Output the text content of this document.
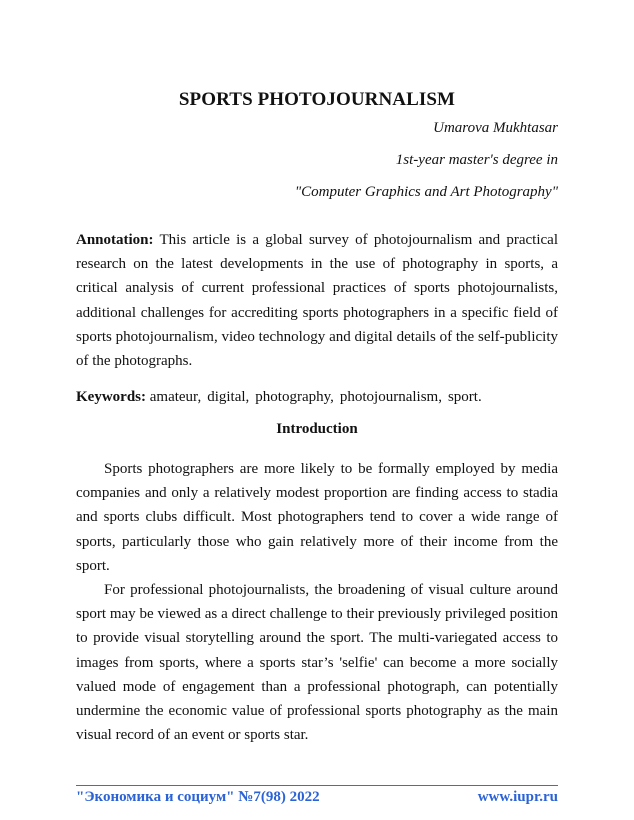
SPORTS PHOTOJOURNALISM
Umarova Mukhtasar
1st-year master's degree in
"Computer Graphics and Art Photography"

Annotation: This article is a global survey of photojournalism and practical research on the latest developments in the use of photography in sports, a critical analysis of current professional practices of sports photojournalists, additional challenges for accrediting sports photographers in a specific field of sports photojournalism, video technology and digital details of the self-publicity of the photographs.

Keywords: amateur, digital, photography, photojournalism, sport.

Introduction

Sports photographers are more likely to be formally employed by media companies and only a relatively modest proportion are finding access to stadia and sports clubs difficult. Most photographers tend to cover a wide range of sports, particularly those who gain relatively more of their income from the sport.

For professional photojournalists, the broadening of visual culture around sport may be viewed as a direct challenge to their previously privileged position to provide visual storytelling around the sport. The multi-variegated access to images from sports, where a sports star’s 'selfie' can become a more socially valued mode of engagement than a professional photograph, can potentially undermine the economic value of professional sports photography as the main visual record of an event or sports star.

"Экономика и социум" №7(98) 2022	www.iupr.ru
